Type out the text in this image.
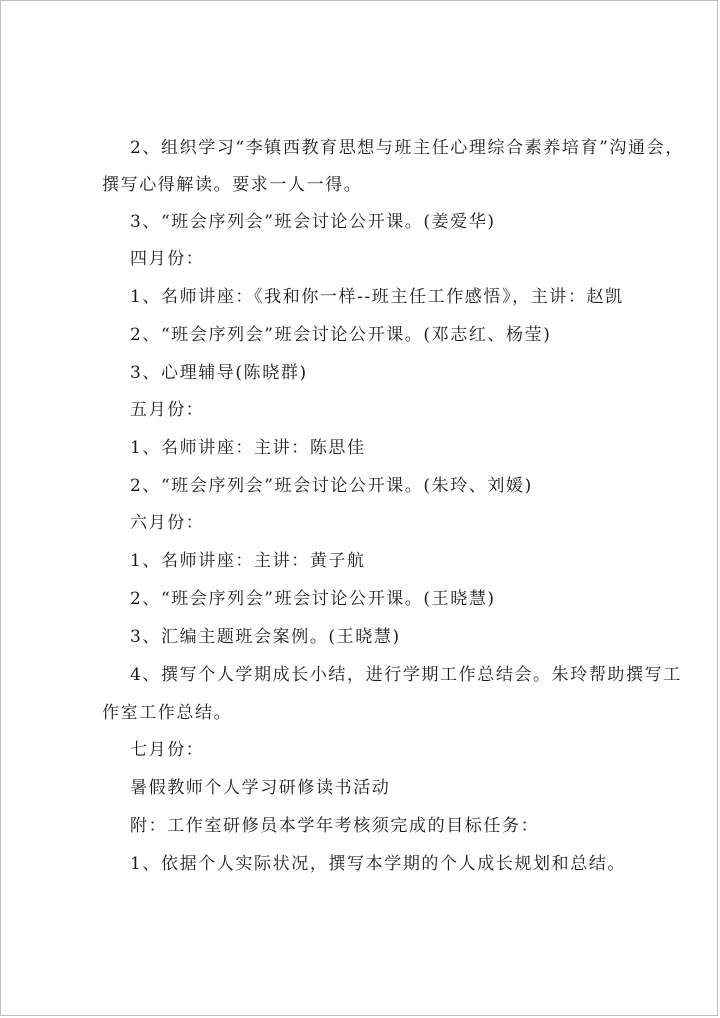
2、组织学习“李镇西教育思想与班主任心理综合素养培育”沟通会，
撰写心得解读。要求一人一得。
3、“班会序列会”班会讨论公开课。(姜爱华)
四月份：
1、名师讲座：《我和你一样--班主任工作感悟》，主讲：赵凯
2、“班会序列会”班会讨论公开课。(邓志红、杨莹)
3、心理辅导(陈晓群)
五月份：
1、名师讲座：主讲：陈思佳
2、“班会序列会”班会讨论公开课。(朱玲、刘媛)
六月份：
1、名师讲座：主讲：黄子航
2、“班会序列会”班会讨论公开课。(王晓慧)
3、汇编主题班会案例。(王晓慧)
4、撰写个人学期成长小结，进行学期工作总结会。朱玲帮助撰写工
作室工作总结。
七月份：
暑假教师个人学习研修读书活动
附：工作室研修员本学年考核须完成的目标任务：
1、依据个人实际状况，撰写本学期的个人成长规划和总结。
